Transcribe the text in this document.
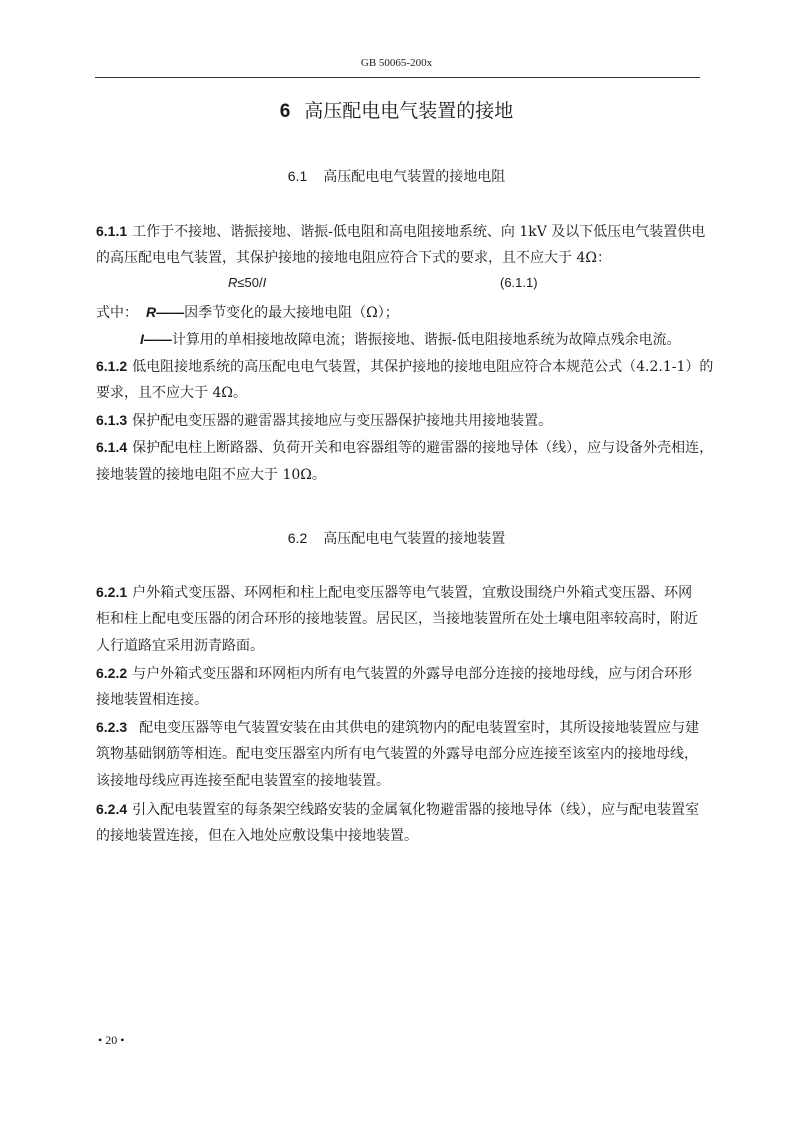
GB 50065-200x
6 高压配电电气装置的接地
6.1 高压配电电气装置的接地电阻
6.1.1 工作于不接地、谐振接地、谐振-低电阻和高电阻接地系统、向 1kV 及以下低压电气装置供电
的高压配电电气装置，其保护接地的接地电阻应符合下式的要求，且不应大于 4Ω：
R≤50/I	(6.1.1)
式中： R——因季节变化的最大接地电阻（Ω）；
I——计算用的单相接地故障电流；谐振接地、谐振-低电阻接地系统为故障点残余电流。
6.1.2 低电阻接地系统的高压配电电气装置，其保护接地的接地电阻应符合本规范公式（4.2.1-1）的
要求，且不应大于 4Ω。
6.1.3 保护配电变压器的避雷器其接地应与变压器保护接地共用接地装置。
6.1.4 保护配电柱上断路器、负荷开关和电容器组等的避雷器的接地导体（线），应与设备外壳相连，
接地装置的接地电阻不应大于 10Ω。
6.2 高压配电电气装置的接地装置
6.2.1 户外箱式变压器、环网柜和柱上配电变压器等电气装置，宜敷设围绕户外箱式变压器、环网
柜和柱上配电变压器的闭合环形的接地装置。居民区，当接地装置所在处土壤电阻率较高时，附近
人行道路宜采用沥青路面。
6.2.2 与户外箱式变压器和环网柜内所有电气装置的外露导电部分连接的接地母线，应与闭合环形
接地装置相连接。
6.2.3 配电变压器等电气装置安装在由其供电的建筑物内的配电装置室时，其所设接地装置应与建
筑物基础钢筋等相连。配电变压器室内所有电气装置的外露导电部分应连接至该室内的接地母线，
该接地母线应再连接至配电装置室的接地装置。
6.2.4 引入配电装置室的每条架空线路安装的金属氧化物避雷器的接地导体（线），应与配电装置室
的接地装置连接，但在入地处应敷设集中接地装置。
• 20 •
